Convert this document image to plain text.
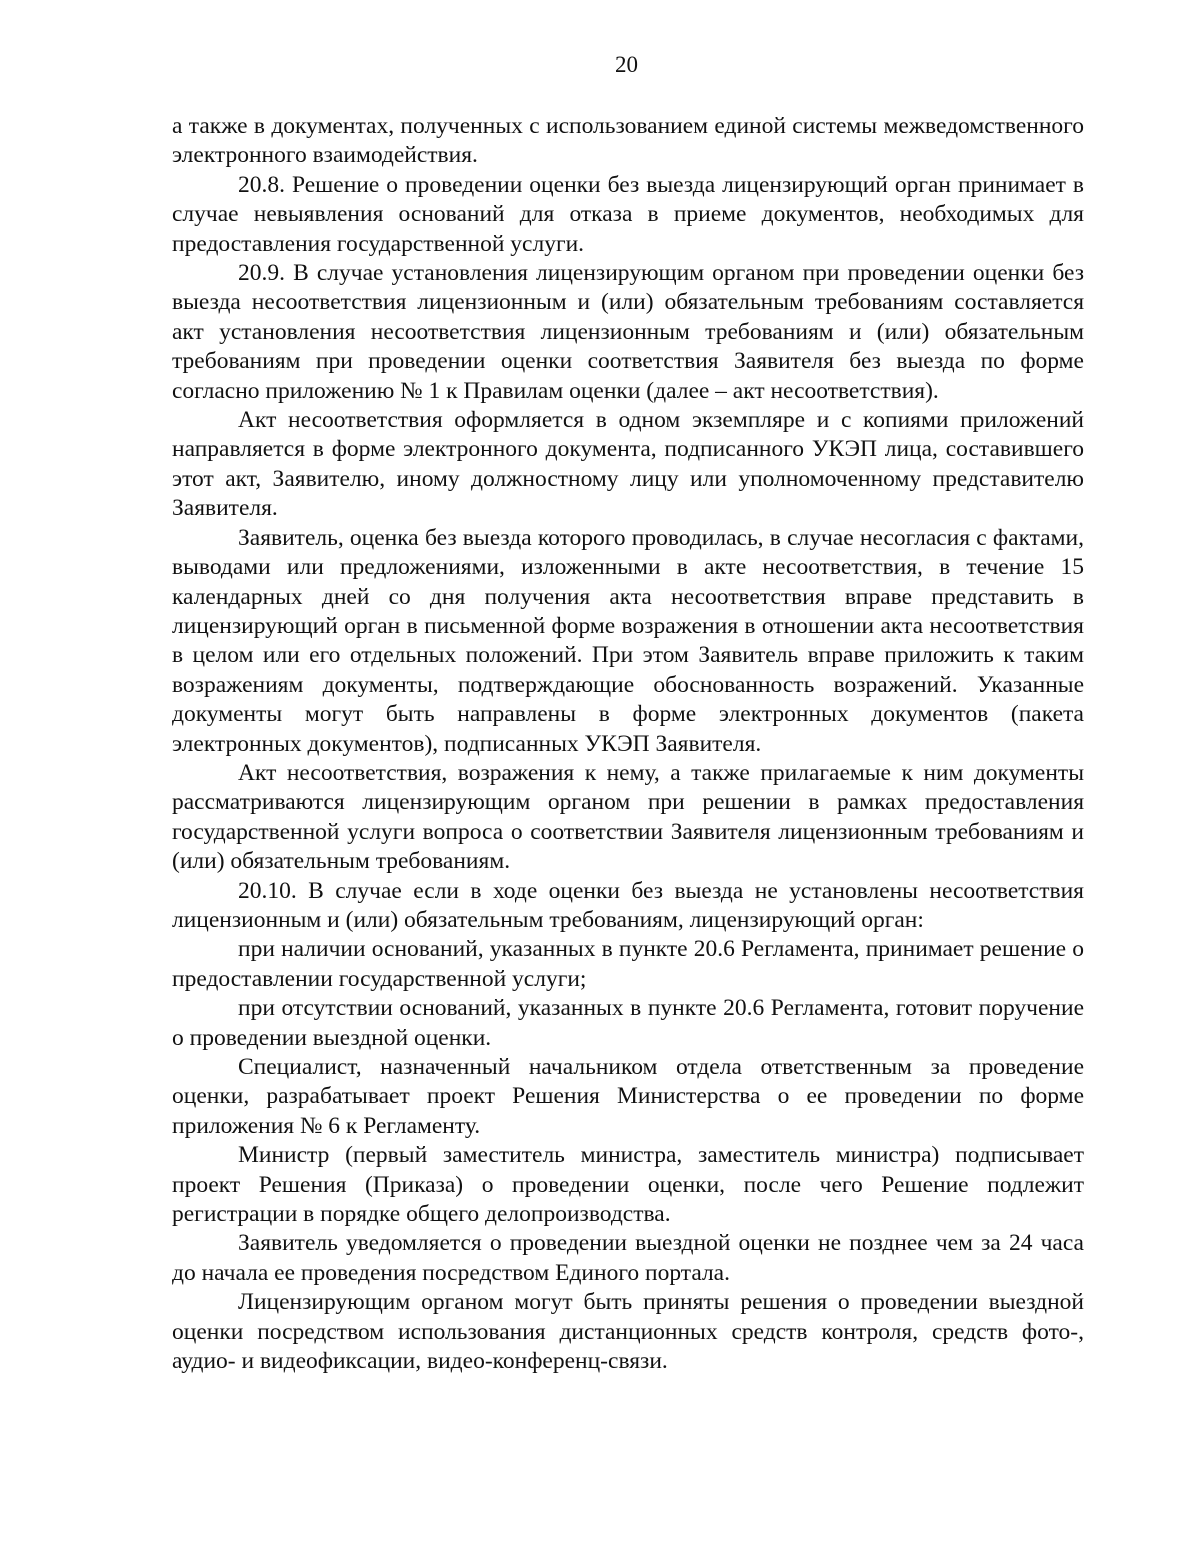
20

а также в документах, полученных с использованием единой системы межведомственного электронного взаимодействия.

20.8. Решение о проведении оценки без выезда лицензирующий орган принимает в случае невыявления оснований для отказа в приеме документов, необходимых для предоставления государственной услуги.

20.9. В случае установления лицензирующим органом при проведении оценки без выезда несоответствия лицензионным и (или) обязательным требованиям составляется акт установления несоответствия лицензионным требованиям и (или) обязательным требованиям при проведении оценки соответствия Заявителя без выезда по форме согласно приложению № 1 к Правилам оценки (далее – акт несоответствия).

Акт несоответствия оформляется в одном экземпляре и с копиями приложений направляется в форме электронного документа, подписанного УКЭП лица, составившего этот акт, Заявителю, иному должностному лицу или уполномоченному представителю Заявителя.

Заявитель, оценка без выезда которого проводилась, в случае несогласия с фактами, выводами или предложениями, изложенными в акте несоответствия, в течение 15 календарных дней со дня получения акта несоответствия вправе представить в лицензирующий орган в письменной форме возражения в отношении акта несоответствия в целом или его отдельных положений. При этом Заявитель вправе приложить к таким возражениям документы, подтверждающие обоснованность возражений. Указанные документы могут быть направлены в форме электронных документов (пакета электронных документов), подписанных УКЭП Заявителя.

Акт несоответствия, возражения к нему, а также прилагаемые к ним документы рассматриваются лицензирующим органом при решении в рамках предоставления государственной услуги вопроса о соответствии Заявителя лицензионным требованиям и (или) обязательным требованиям.

20.10. В случае если в ходе оценки без выезда не установлены несоответствия лицензионным и (или) обязательным требованиям, лицензирующий орган:

при наличии оснований, указанных в пункте 20.6 Регламента, принимает решение о предоставлении государственной услуги;

при отсутствии оснований, указанных в пункте 20.6 Регламента, готовит поручение о проведении выездной оценки.

Специалист, назначенный начальником отдела ответственным за проведение оценки, разрабатывает проект Решения Министерства о ее проведении по форме приложения № 6 к Регламенту.

Министр (первый заместитель министра, заместитель министра) подписывает проект Решения (Приказа) о проведении оценки, после чего Решение подлежит регистрации в порядке общего делопроизводства.

Заявитель уведомляется о проведении выездной оценки не позднее чем за 24 часа до начала ее проведения посредством Единого портала.

Лицензирующим органом могут быть приняты решения о проведении выездной оценки посредством использования дистанционных средств контроля, средств фото-, аудио- и видеофиксации, видео-конференц-связи.
